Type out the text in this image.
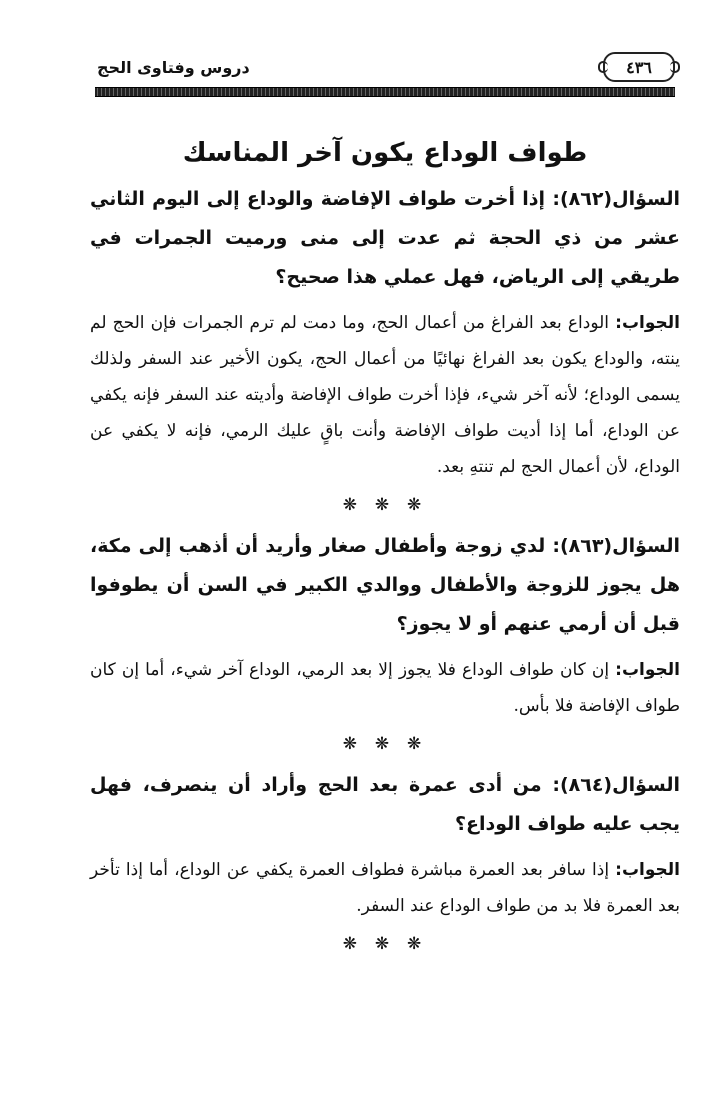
دروس وفتاوى الحج	٤٣٦
طواف الوداع يكون آخر المناسك

السؤال(٨٦٢): إذا أخرت طواف الإفاضة والوداع إلى اليوم الثاني عشر من ذي الحجة ثم عدت إلى منى ورميت الجمرات في طريقي إلى الرياض، فهل عملي هذا صحيح؟

الجواب: الوداع بعد الفراغ من أعمال الحج، وما دمت لم ترم الجمرات فإن الحج لم ينته، والوداع يكون بعد الفراغ نهائيًا من أعمال الحج، يكون الأخير عند السفر ولذلك يسمى الوداع؛ لأنه آخر شيء، فإذا أخرت طواف الإفاضة وأديته عند السفر فإنه يكفي عن الوداع، أما إذا أديت طواف الإفاضة وأنت باقٍ عليك الرمي، فإنه لا يكفي عن الوداع، لأن أعمال الحج لم تنتهِ بعد.

❋ ❋ ❋

السؤال(٨٦٣): لدي زوجة وأطفال صغار وأريد أن أذهب إلى مكة، هل يجوز للزوجة والأطفال ووالدي الكبير في السن أن يطوفوا قبل أن أرمي عنهم أو لا يجوز؟

الجواب: إن كان طواف الوداع فلا يجوز إلا بعد الرمي، الوداع آخر شيء، أما إن كان طواف الإفاضة فلا بأس.

❋ ❋ ❋

السؤال(٨٦٤): من أدى عمرة بعد الحج وأراد أن ينصرف، فهل يجب عليه طواف الوداع؟

الجواب: إذا سافر بعد العمرة مباشرة فطواف العمرة يكفي عن الوداع، أما إذا تأخر بعد العمرة فلا بد من طواف الوداع عند السفر.

❋ ❋ ❋
